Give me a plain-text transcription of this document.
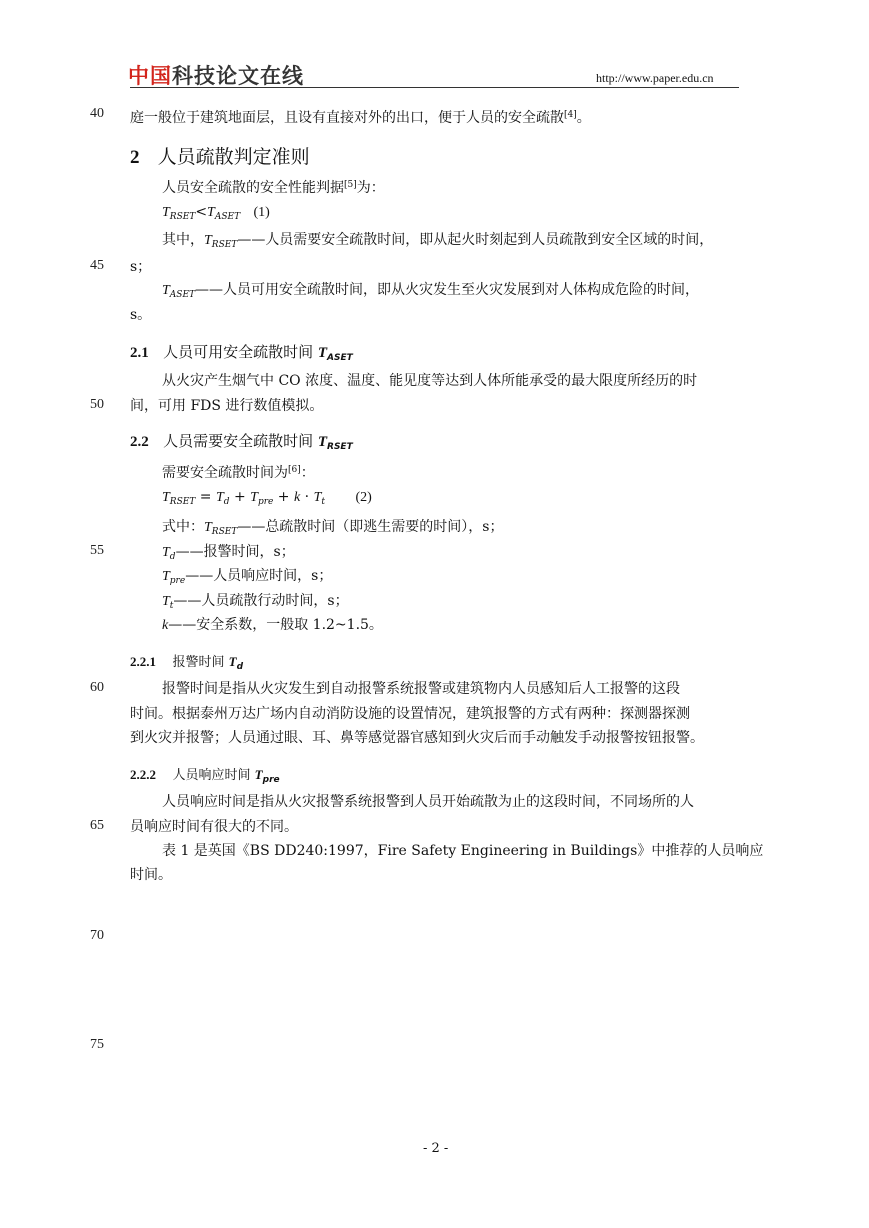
中国科技论文在线	http://www.paper.edu.cn
40
45
50
55
60
65
70
75
庭一般位于建筑地面层，且设有直接对外的出口，便于人员的安全疏散[4]。
2 人员疏散判定准则
人员安全疏散的安全性能判据[5]为：
$T_{RSET}<T_{ASET}$ (1)
其中，$T_{RSET}——$人员需要安全疏散时间，即从起火时刻起到人员疏散到安全区域的时间，
s；
$T_{ASET}——$人员可用安全疏散时间，即从火灾发生至火灾发展到对人体构成危险的时间，
s。
2.1 人员可用安全疏散时间 $T_{ASET}$
从火灾产生烟气中 CO 浓度、温度、能见度等达到人体所能承受的最大限度所经历的时
间，可用 FDS 进行数值模拟。
2.2 人员需要安全疏散时间 $T_{RSET}$
需要安全疏散时间为[6]：
$T_{RSET} = T_d + T_{pre} + k \cdot T_t$ (2)
式中：$T_{RSET}——$总疏散时间（即逃生需要的时间），s；
$T_d——$报警时间，s；
$T_{pre}——$人员响应时间，s；
$T_t——$人员疏散行动时间，s；
k——安全系数，一般取 1.2~1.5。
2.2.1 报警时间 $T_d$
报警时间是指从火灾发生到自动报警系统报警或建筑物内人员感知后人工报警的这段
时间。根据泰州万达广场内自动消防设施的设置情况，建筑报警的方式有两种：探测器探测
到火灾并报警；人员通过眼、耳、鼻等感觉器官感知到火灾后而手动触发手动报警按钮报警。
2.2.2 人员响应时间 $T_{pre}$
人员响应时间是指从火灾报警系统报警到人员开始疏散为止的这段时间，不同场所的人
员响应时间有很大的不同。
表 1 是英国《BS DD240:1997，Fire Safety Engineering in Buildings》中推荐的人员响应
时间。
- 2 -
